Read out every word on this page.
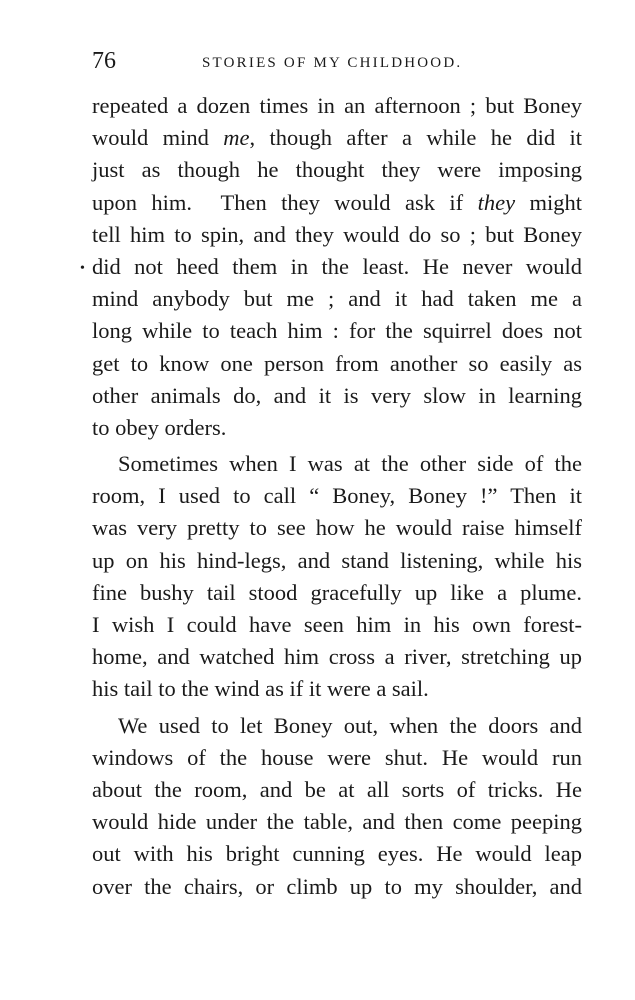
76	STORIES OF MY CHILDHOOD.
•
repeated a dozen times in an afternoon ; but Boney
would mind me, though after a while he did it
just as though he thought they were imposing
upon him.  Then they would ask if they might
tell him to spin, and they would do so ; but Boney
did not heed them in the least. He never would
mind anybody but me ; and it had taken me a
long while to teach him : for the squirrel does not
get to know one person from another so easily as
other animals do, and it is very slow in learning
to obey orders.
Sometimes when I was at the other side of the
room, I used to call “ Boney, Boney !” Then it
was very pretty to see how he would raise himself
up on his hind-legs, and stand listening, while his
fine bushy tail stood gracefully up like a plume.
I wish I could have seen him in his own forest-
home, and watched him cross a river, stretching up
his tail to the wind as if it were a sail.
We used to let Boney out, when the doors and
windows of the house were shut. He would run
about the room, and be at all sorts of tricks. He
would hide under the table, and then come peeping
out with his bright cunning eyes. He would leap
over the chairs, or climb up to my shoulder, and
